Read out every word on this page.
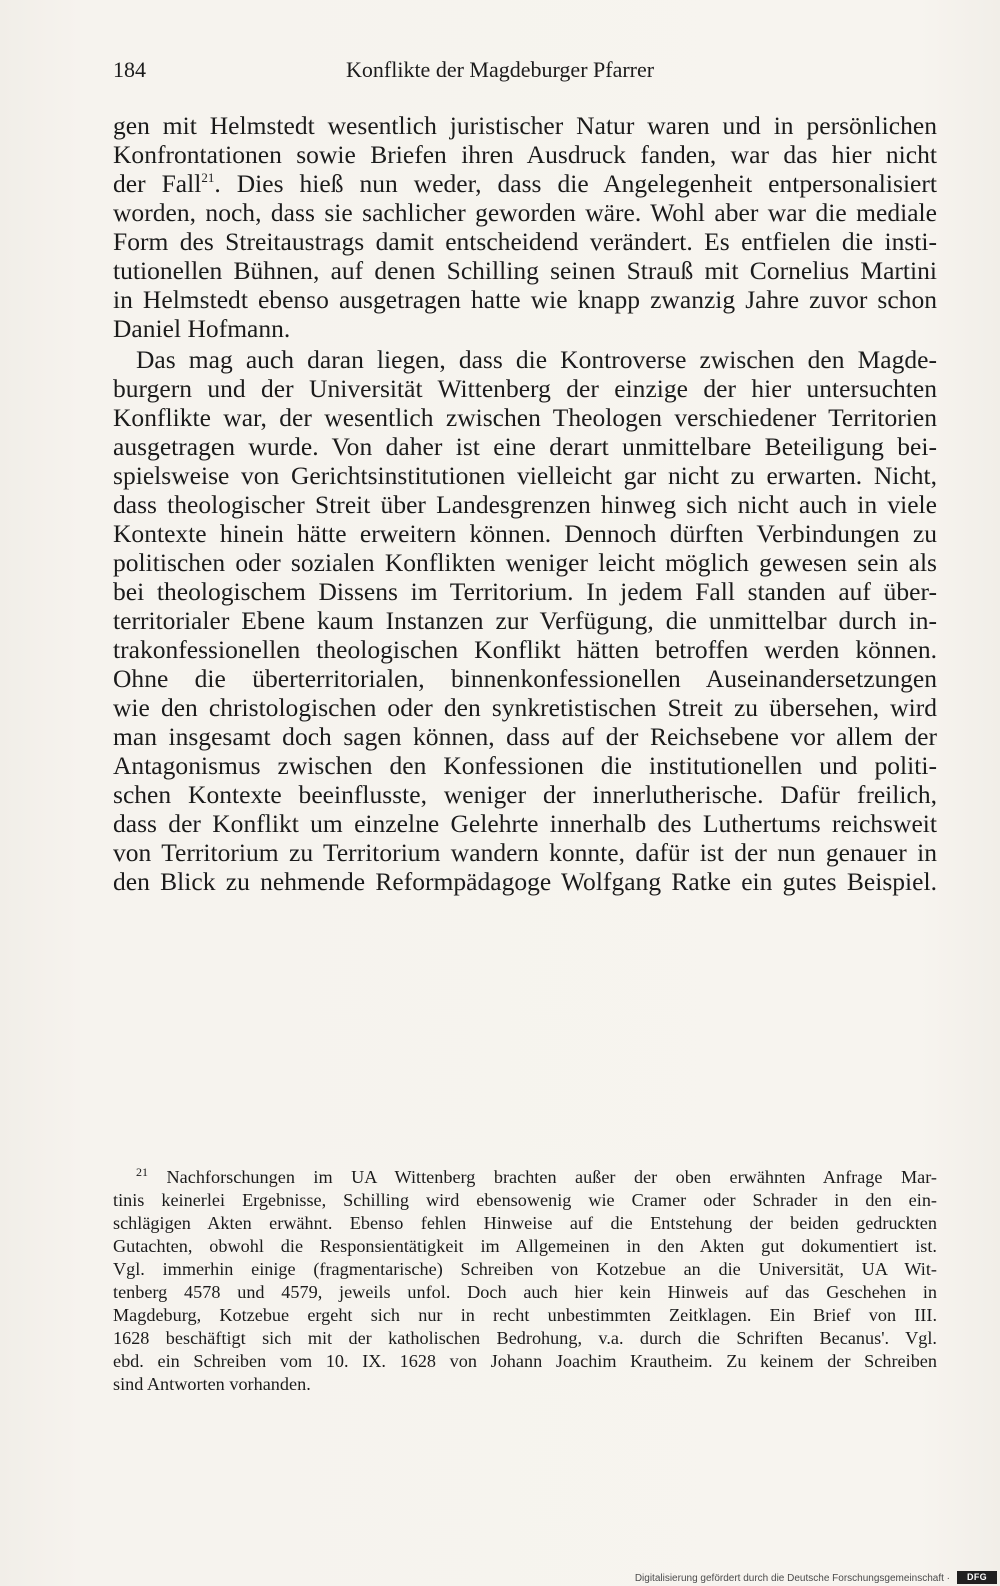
184	Konflikte der Magdeburger Pfarrer
gen mit Helmstedt wesentlich juristischer Natur waren und in persönlichen
Konfrontationen sowie Briefen ihren Ausdruck fanden, war das hier nicht
der Fall$^{21}$. Dies hieß nun weder, dass die Angelegenheit entpersonalisiert
worden, noch, dass sie sachlicher geworden wäre. Wohl aber war die mediale
Form des Streitaustrags damit entscheidend verändert. Es entfielen die insti-
tutionellen Bühnen, auf denen Schilling seinen Strauß mit Cornelius Martini
in Helmstedt ebenso ausgetragen hatte wie knapp zwanzig Jahre zuvor schon
Daniel Hofmann.
Das mag auch daran liegen, dass die Kontroverse zwischen den Magde-
burgern und der Universität Wittenberg der einzige der hier untersuchten
Konflikte war, der wesentlich zwischen Theologen verschiedener Territorien
ausgetragen wurde. Von daher ist eine derart unmittelbare Beteiligung bei-
spielsweise von Gerichtsinstitutionen vielleicht gar nicht zu erwarten. Nicht,
dass theologischer Streit über Landesgrenzen hinweg sich nicht auch in viele
Kontexte hinein hätte erweitern können. Dennoch dürften Verbindungen zu
politischen oder sozialen Konflikten weniger leicht möglich gewesen sein als
bei theologischem Dissens im Territorium. In jedem Fall standen auf über-
territorialer Ebene kaum Instanzen zur Verfügung, die unmittelbar durch in-
trakonfessionellen theologischen Konflikt hätten betroffen werden können.
Ohne die überterritorialen, binnenkonfessionellen Auseinandersetzungen
wie den christologischen oder den synkretistischen Streit zu übersehen, wird
man insgesamt doch sagen können, dass auf der Reichsebene vor allem der
Antagonismus zwischen den Konfessionen die institutionellen und politi-
schen Kontexte beeinflusste, weniger der innerlutherische. Dafür freilich,
dass der Konflikt um einzelne Gelehrte innerhalb des Luthertums reichsweit
von Territorium zu Territorium wandern konnte, dafür ist der nun genauer in
den Blick zu nehmende Reformpädagoge Wolfgang Ratke ein gutes Beispiel.
$^{21}$ Nachforschungen im UA Wittenberg brachten außer der oben erwähnten Anfrage Mar-
tinis keinerlei Ergebnisse, Schilling wird ebensowenig wie Cramer oder Schrader in den ein-
schlägigen Akten erwähnt. Ebenso fehlen Hinweise auf die Entstehung der beiden gedruckten
Gutachten, obwohl die Responsientätigkeit im Allgemeinen in den Akten gut dokumentiert ist.
Vgl. immerhin einige (fragmentarische) Schreiben von Kotzebue an die Universität, UA Wit-
tenberg 4578 und 4579, jeweils unfol. Doch auch hier kein Hinweis auf das Geschehen in
Magdeburg, Kotzebue ergeht sich nur in recht unbestimmten Zeitklagen. Ein Brief von III.
1628 beschäftigt sich mit der katholischen Bedrohung, v.a. durch die Schriften Becanus'. Vgl.
ebd. ein Schreiben vom 10. IX. 1628 von Johann Joachim Krautheim. Zu keinem der Schreiben
sind Antworten vorhanden.
Digitalisierung gefördert durch die Deutsche Forschungsgemeinschaft ·	DFG
